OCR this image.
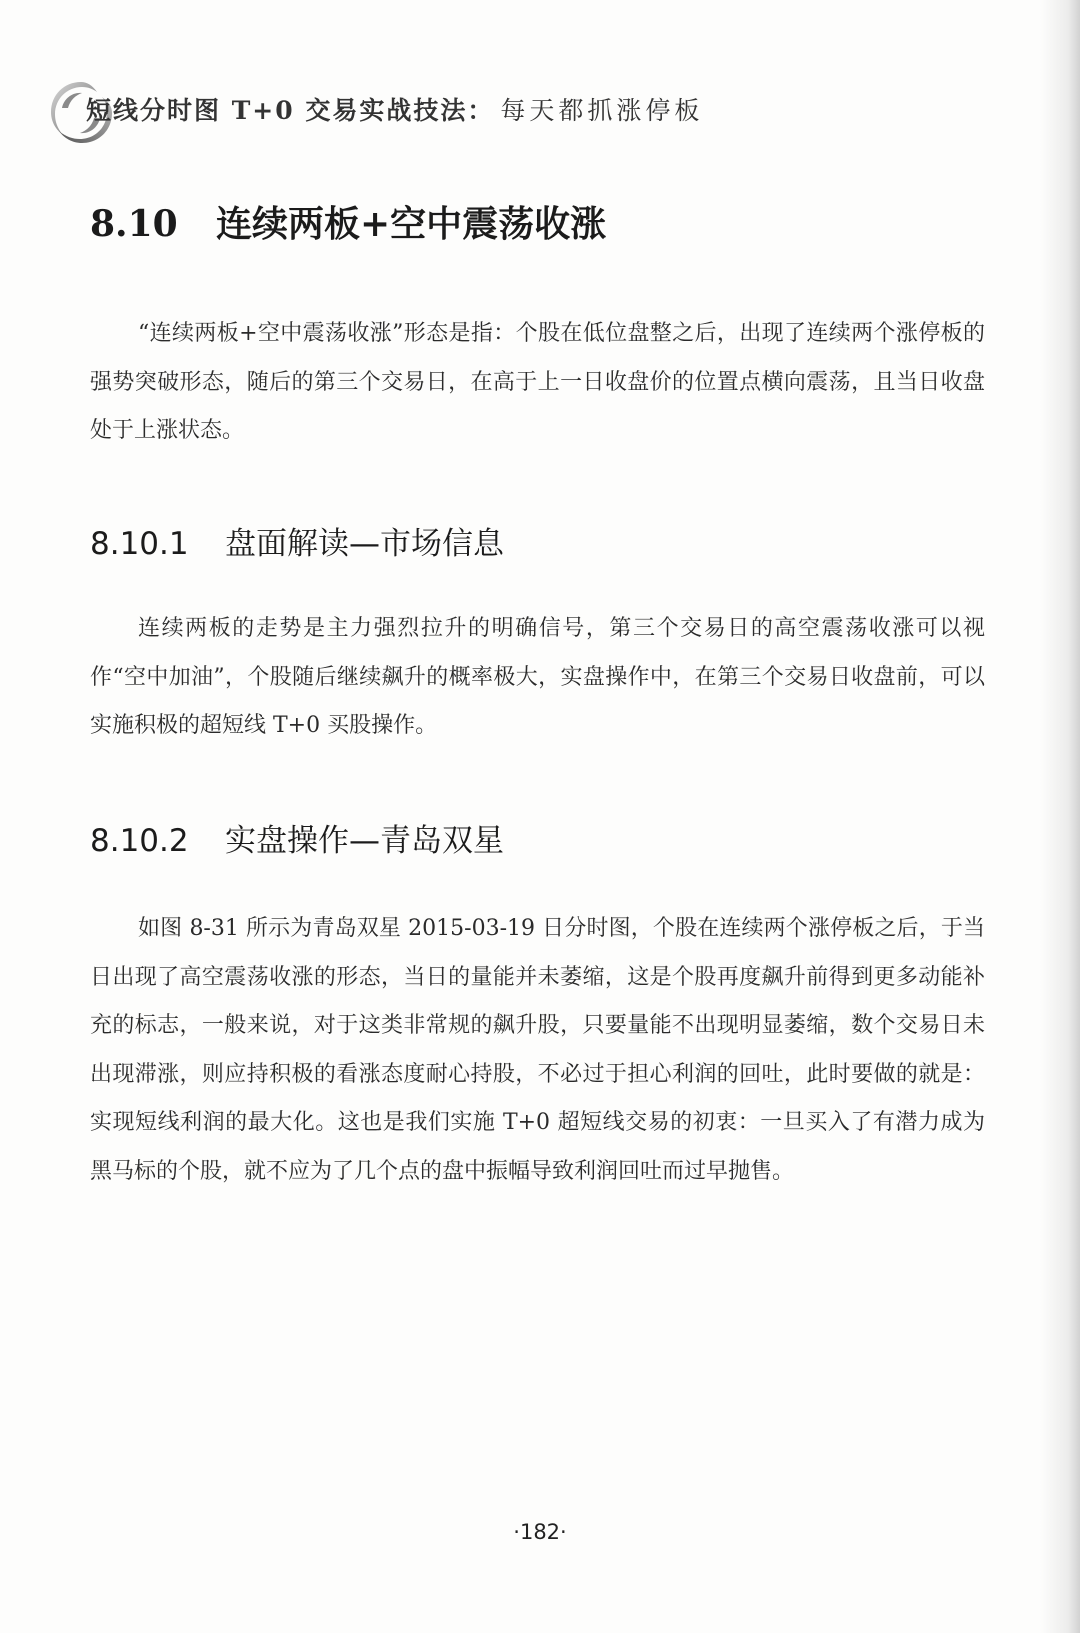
短线分时图 T+0 交易实战技法： 每天都抓涨停板
8.10 连续两板+空中震荡收涨

“连续两板+空中震荡收涨”形态是指：个股在低位盘整之后，出现了连续两个涨停板的强势突破形态，随后的第三个交易日，在高于上一日收盘价的位置点横向震荡，且当日收盘处于上涨状态。

8.10.1 盘面解读—市场信息

连续两板的走势是主力强烈拉升的明确信号，第三个交易日的高空震荡收涨可以视作“空中加油”，个股随后继续飙升的概率极大，实盘操作中，在第三个交易日收盘前，可以实施积极的超短线 T+0 买股操作。

8.10.2 实盘操作—青岛双星

如图 8-31 所示为青岛双星 2015-03-19 日分时图，个股在连续两个涨停板之后，于当日出现了高空震荡收涨的形态，当日的量能并未萎缩，这是个股再度飙升前得到更多动能补充的标志，一般来说，对于这类非常规的飙升股，只要量能不出现明显萎缩，数个交易日未出现滞涨，则应持积极的看涨态度耐心持股，不必过于担心利润的回吐，此时要做的就是：实现短线利润的最大化。这也是我们实施 T+0 超短线交易的初衷：一旦买入了有潜力成为黑马标的个股，就不应为了几个点的盘中振幅导致利润回吐而过早抛售。

·182·
